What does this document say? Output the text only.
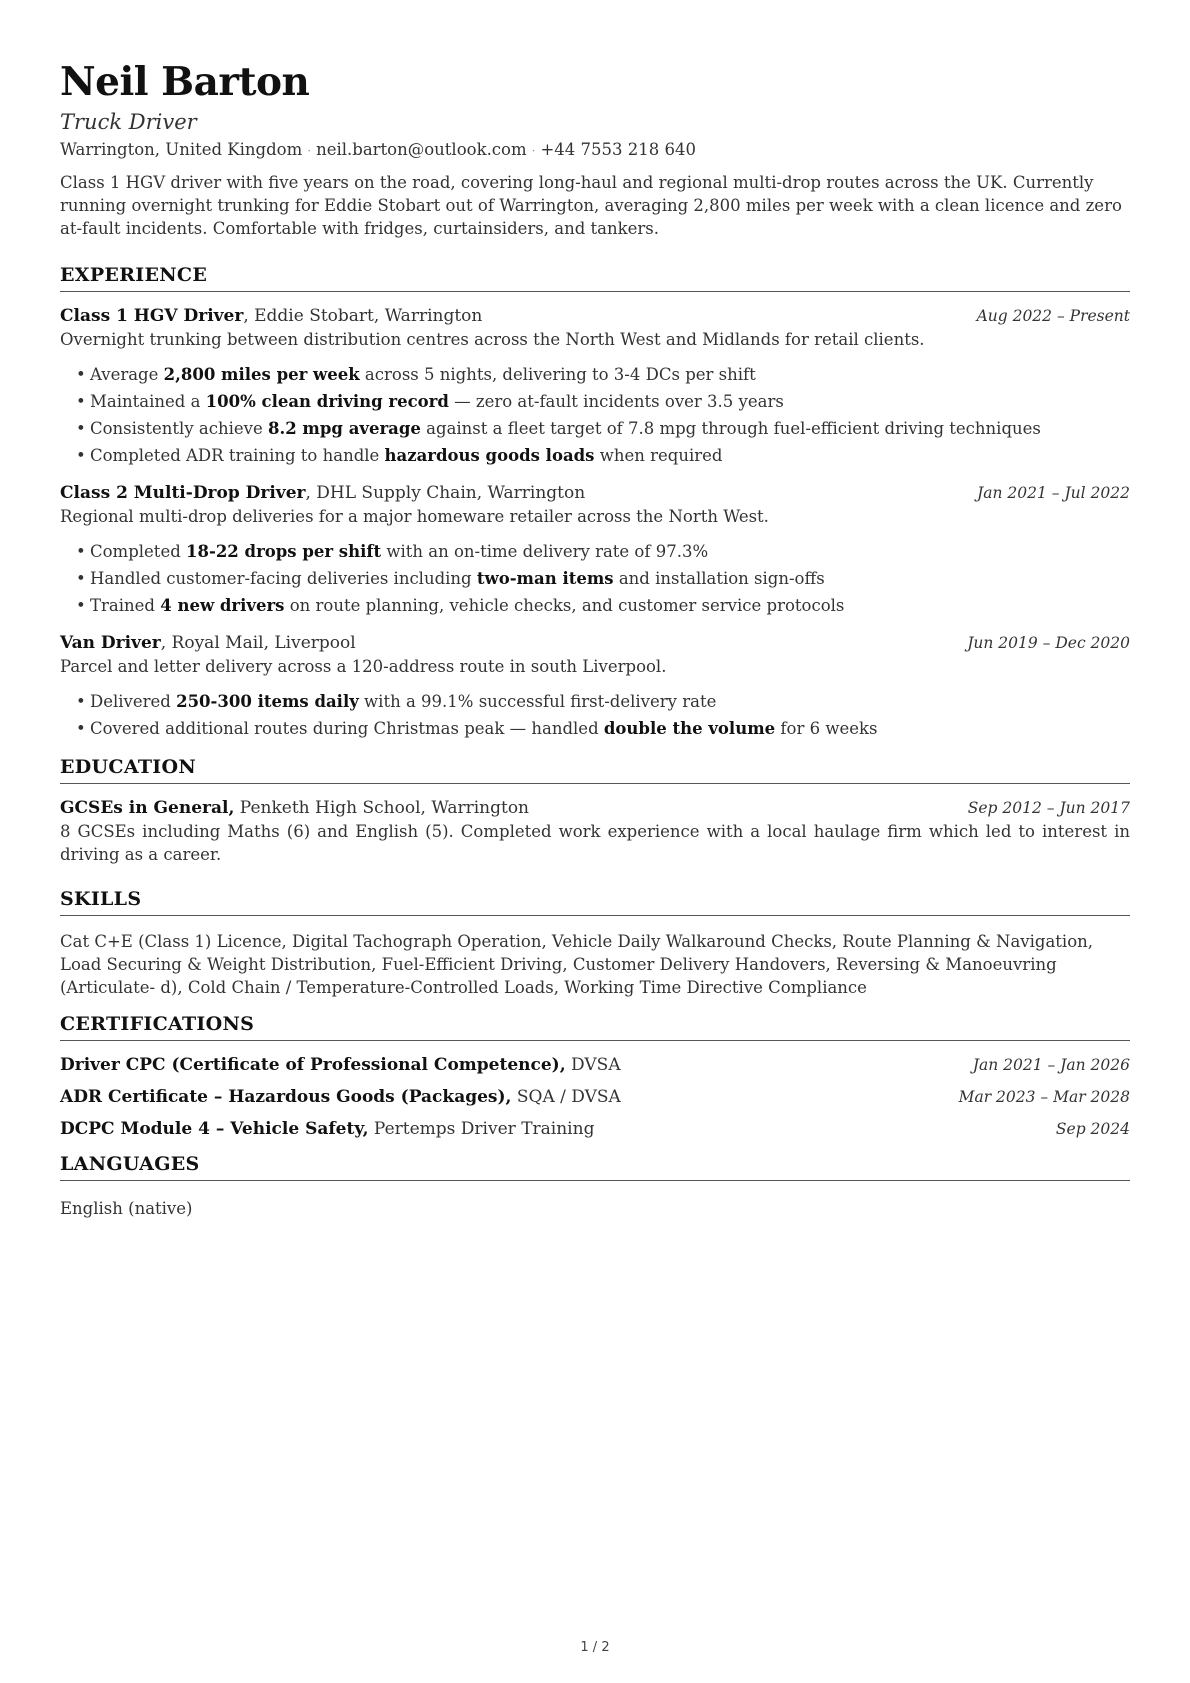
Neil Barton
Truck Driver
Warrington, United Kingdom · neil.barton@outlook.com · +44 7553 218 640
Class 1 HGV driver with five years on the road, covering long-haul and regional multi-drop routes across the UK. Currently running overnight trunking for Eddie Stobart out of Warrington, averaging 2,800 miles per week with a clean licence and zero at-fault incidents. Comfortable with fridges, curtainsiders, and tankers.
EXPERIENCE
Class 1 HGV Driver, Eddie Stobart, Warrington	Aug 2022 – Present
Overnight trunking between distribution centres across the North West and Midlands for retail clients.
• Average 2,800 miles per week across 5 nights, delivering to 3-4 DCs per shift
• Maintained a 100% clean driving record — zero at-fault incidents over 3.5 years
• Consistently achieve 8.2 mpg average against a fleet target of 7.8 mpg through fuel-efficient driving techniques
• Completed ADR training to handle hazardous goods loads when required
Class 2 Multi-Drop Driver, DHL Supply Chain, Warrington	Jan 2021 – Jul 2022
Regional multi-drop deliveries for a major homeware retailer across the North West.
• Completed 18-22 drops per shift with an on-time delivery rate of 97.3%
• Handled customer-facing deliveries including two-man items and installation sign-offs
• Trained 4 new drivers on route planning, vehicle checks, and customer service protocols
Van Driver, Royal Mail, Liverpool	Jun 2019 – Dec 2020
Parcel and letter delivery across a 120-address route in south Liverpool.
• Delivered 250-300 items daily with a 99.1% successful first-delivery rate
• Covered additional routes during Christmas peak — handled double the volume for 6 weeks
EDUCATION
GCSEs in General, Penketh High School, Warrington	Sep 2012 – Jun 2017
8 GCSEs including Maths (6) and English (5). Completed work experience with a local haulage firm which led to interest in driving as a career.
SKILLS
Cat C+E (Class 1) Licence, Digital Tachograph Operation, Vehicle Daily Walkaround Checks, Route Planning & Navigation, Load Securing & Weight Distribution, Fuel-Efficient Driving, Customer Delivery Handovers, Reversing & Manoeuvring (Articulate- d), Cold Chain / Temperature-Controlled Loads, Working Time Directive Compliance
CERTIFICATIONS
Driver CPC (Certificate of Professional Competence), DVSA	Jan 2021 – Jan 2026
ADR Certificate – Hazardous Goods (Packages), SQA / DVSA	Mar 2023 – Mar 2028
DCPC Module 4 – Vehicle Safety, Pertemps Driver Training	Sep 2024
LANGUAGES
English (native)
1 / 2
